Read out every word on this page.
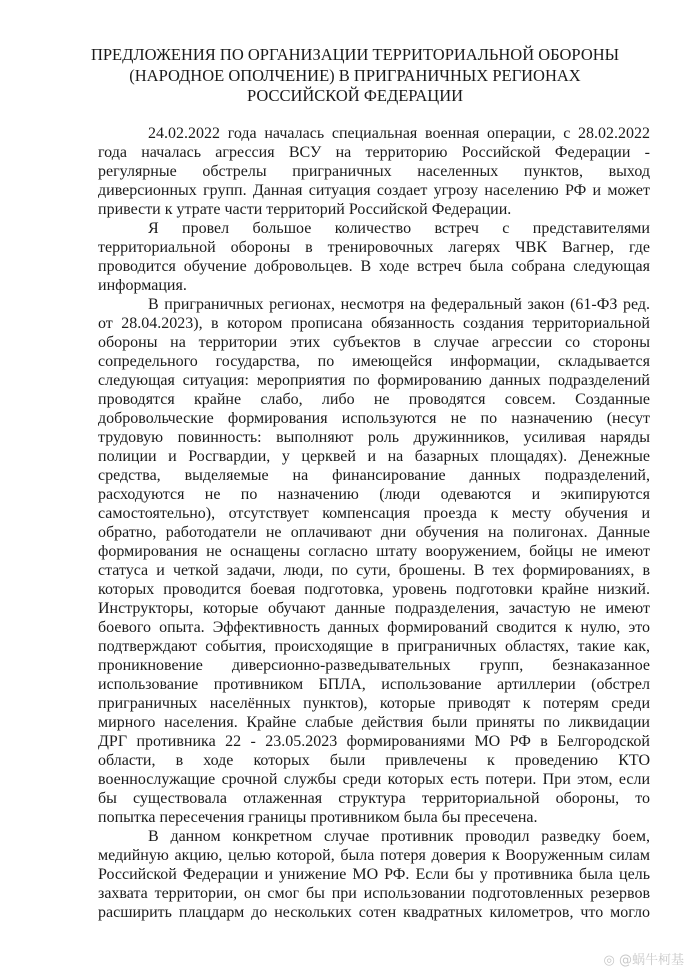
ПРЕДЛОЖЕНИЯ ПО ОРГАНИЗАЦИИ ТЕРРИТОРИАЛЬНОЙ ОБОРОНЫ
(НАРОДНОЕ ОПОЛЧЕНИЕ) В ПРИГРАНИЧНЫХ РЕГИОНАХ
РОССИЙСКОЙ ФЕДЕРАЦИИ
24.02.2022 года началась специальная военная операции, с 28.02.2022
года началась агрессия ВСУ на территорию Российской Федерации -
регулярные обстрелы приграничных населенных пунктов, выход
диверсионных групп. Данная ситуация создает угрозу населению РФ и может
привести к утрате части территорий Российской Федерации.
Я провел большое количество встреч с представителями
территориальной обороны в тренировочных лагерях ЧВК Вагнер, где
проводится обучение добровольцев. В ходе встреч была собрана следующая
информация.
В приграничных регионах, несмотря на федеральный закон (61-ФЗ ред.
от 28.04.2023), в котором прописана обязанность создания территориальной
обороны на территории этих субъектов в случае агрессии со стороны
сопредельного государства, по имеющейся информации, складывается
следующая ситуация: мероприятия по формированию данных подразделений
проводятся крайне слабо, либо не проводятся совсем. Созданные
добровольческие формирования используются не по назначению (несут
трудовую повинность: выполняют роль дружинников, усиливая наряды
полиции и Росгвардии, у церквей и на базарных площадях). Денежные
средства, выделяемые на финансирование данных подразделений,
расходуются не по назначению (люди одеваются и экипируются
самостоятельно), отсутствует компенсация проезда к месту обучения и
обратно, работодатели не оплачивают дни обучения на полигонах. Данные
формирования не оснащены согласно штату вооружением, бойцы не имеют
статуса и четкой задачи, люди, по сути, брошены. В тех формированиях, в
которых проводится боевая подготовка, уровень подготовки крайне низкий.
Инструкторы, которые обучают данные подразделения, зачастую не имеют
боевого опыта. Эффективность данных формирований сводится к нулю, это
подтверждают события, происходящие в приграничных областях, такие как,
проникновение диверсионно-разведывательных групп, безнаказанное
использование противником БПЛА, использование артиллерии (обстрел
приграничных населённых пунктов), которые приводят к потерям среди
мирного населения. Крайне слабые действия были приняты по ликвидации
ДРГ противника 22 - 23.05.2023 формированиями МО РФ в Белгородской
области, в ходе которых были привлечены к проведению КТО
военнослужащие срочной службы среди которых есть потери. При этом, если
бы существовала отлаженная структура территориальной обороны, то
попытка пересечения границы противником была бы пресечена.
В данном конкретном случае противник проводил разведку боем,
медийную акцию, целью которой, была потеря доверия к Вооруженным силам
Российской Федерации и унижение МО РФ. Если бы у противника была цель
захвата территории, он смог бы при использовании подготовленных резервов
расширить плацдарм до нескольких сотен квадратных километров, что могло
◎ @蜗牛柯基
